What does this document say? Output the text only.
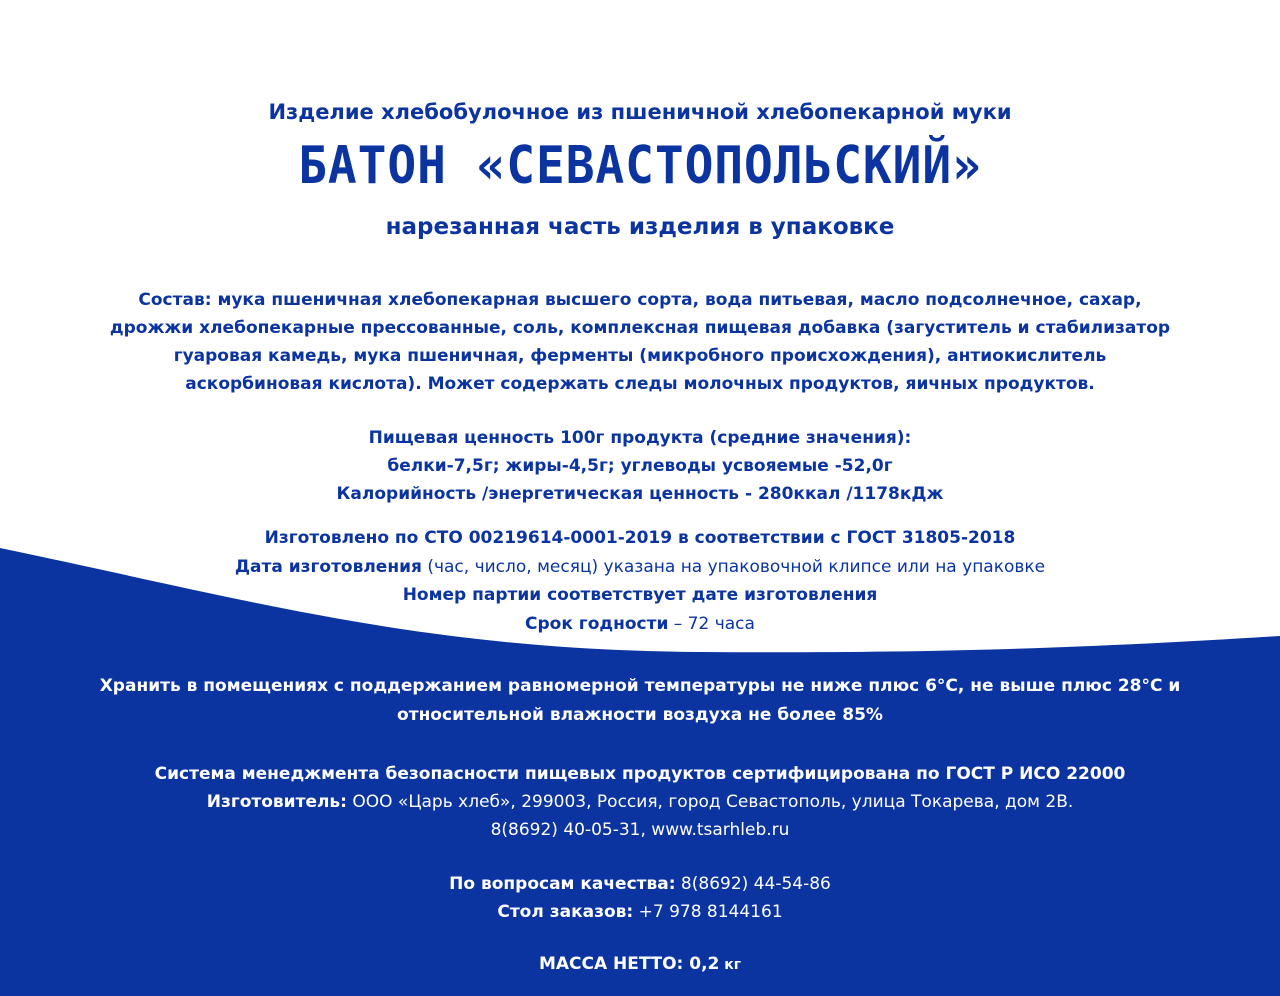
Изделие хлебобулочное из пшеничной хлебопекарной муки
БАТОН «СЕВАСТОПОЛЬСКИЙ»
нарезанная часть изделия в упаковке
Состав: мука пшеничная хлебопекарная высшего сорта, вода питьевая, масло подсолнечное, сахар,
дрожжи хлебопекарные прессованные, соль, комплексная пищевая добавка (загуститель и стабилизатор
гуаровая камедь, мука пшеничная, ферменты (микробного происхождения), антиокислитель
аскорбиновая кислота). Может содержать следы молочных продуктов, яичных продуктов.
Пищевая ценность 100г продукта (средние значения):
белки-7,5г; жиры-4,5г; углеводы усвояемые -52,0г
Калорийность /энергетическая ценность - 280ккал /1178кДж
Изготовлено по СТО 00219614-0001-2019 в соответствии с ГОСТ 31805-2018
Дата изготовления (час, число, месяц) указана на упаковочной клипсе или на упаковке
Номер партии соответствует дате изготовления
Срок годности – 72 часа
Хранить в помещениях с поддержанием равномерной температуры не ниже плюс 6°С, не выше плюс 28°С и
относительной влажности воздуха не более 85%
Система менеджмента безопасности пищевых продуктов сертифицирована по ГОСТ Р ИСО 22000
Изготовитель: ООО «Царь хлеб», 299003, Россия, город Севастополь, улица Токарева, дом 2В.
8(8692) 40-05-31, www.tsarhleb.ru
По вопросам качества: 8(8692) 44-54-86
Стол заказов: +7 978 8144161
МАССА НЕТТО: 0,2 кг
